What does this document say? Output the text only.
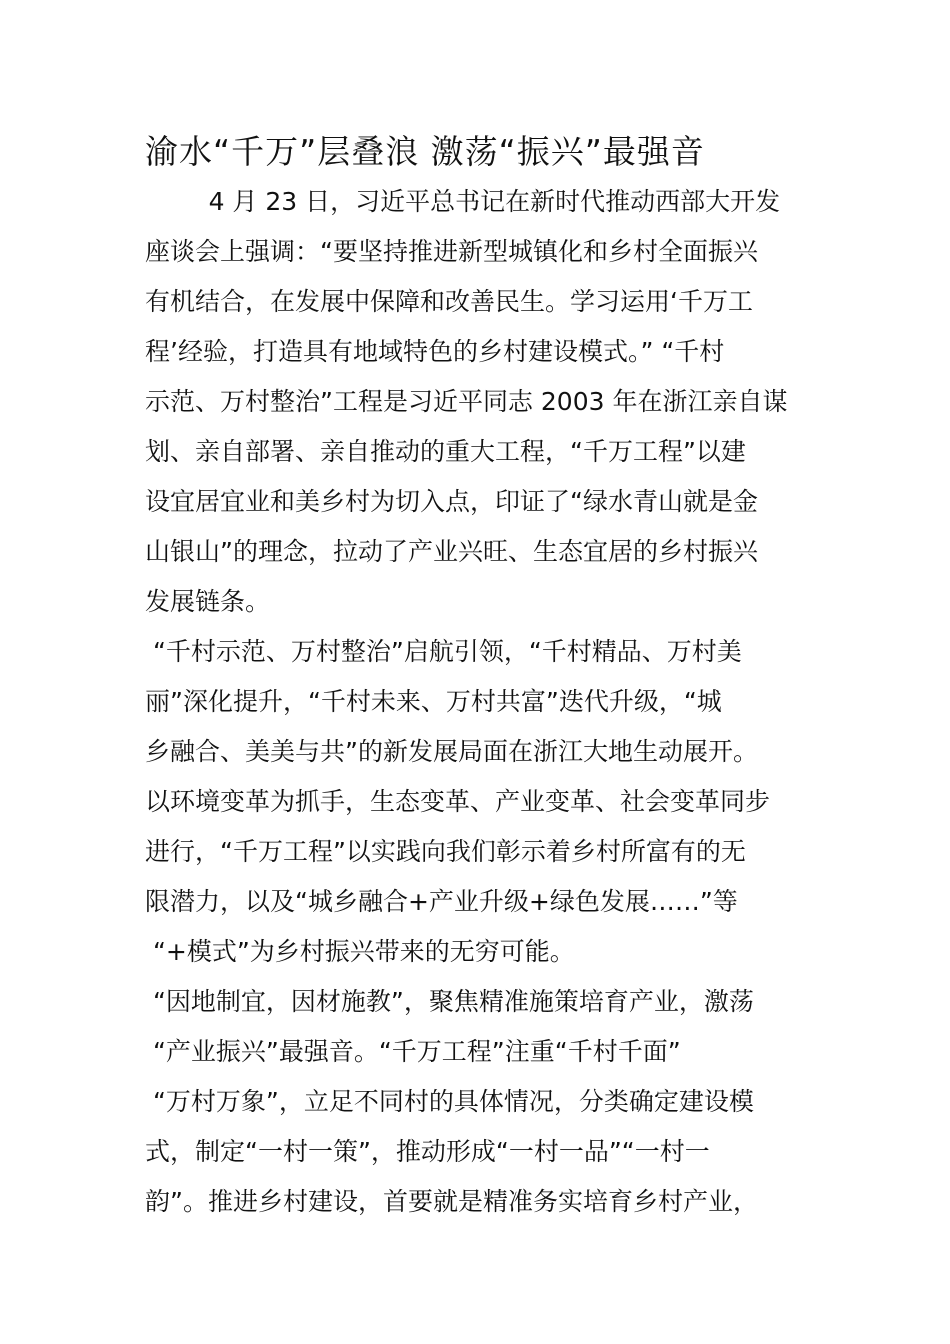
渝水“千万”层叠浪 激荡“振兴”最强音

4 月 23 日，习近平总书记在新时代推动西部大开发

座谈会上强调：“要坚持推进新型城镇化和乡村全面振兴

有机结合，在发展中保障和改善民生。学习运用‘千万工

程’经验，打造具有地域特色的乡村建设模式。” “千村

示范、万村整治”工程是习近平同志 2003 年在浙江亲自谋

划、亲自部署、亲自推动的重大工程，“千万工程”以建

设宜居宜业和美乡村为切入点，印证了“绿水青山就是金

山银山”的理念，拉动了产业兴旺、生态宜居的乡村振兴

发展链条。

“千村示范、万村整治”启航引领，“千村精品、万村美

丽”深化提升，“千村未来、万村共富”迭代升级，“城

乡融合、美美与共”的新发展局面在浙江大地生动展开。

以环境变革为抓手，生态变革、产业变革、社会变革同步

进行，“千万工程”以实践向我们彰示着乡村所富有的无

限潜力，以及“城乡融合+产业升级+绿色发展……”等

“+模式”为乡村振兴带来的无穷可能。

“因地制宜，因材施教”，聚焦精准施策培育产业，激荡

“产业振兴”最强音。“千万工程”注重“千村千面”

“万村万象”，立足不同村的具体情况，分类确定建设模

式，制定“一村一策”，推动形成“一村一品”“一村一

韵”。推进乡村建设，首要就是精准务实培育乡村产业，
